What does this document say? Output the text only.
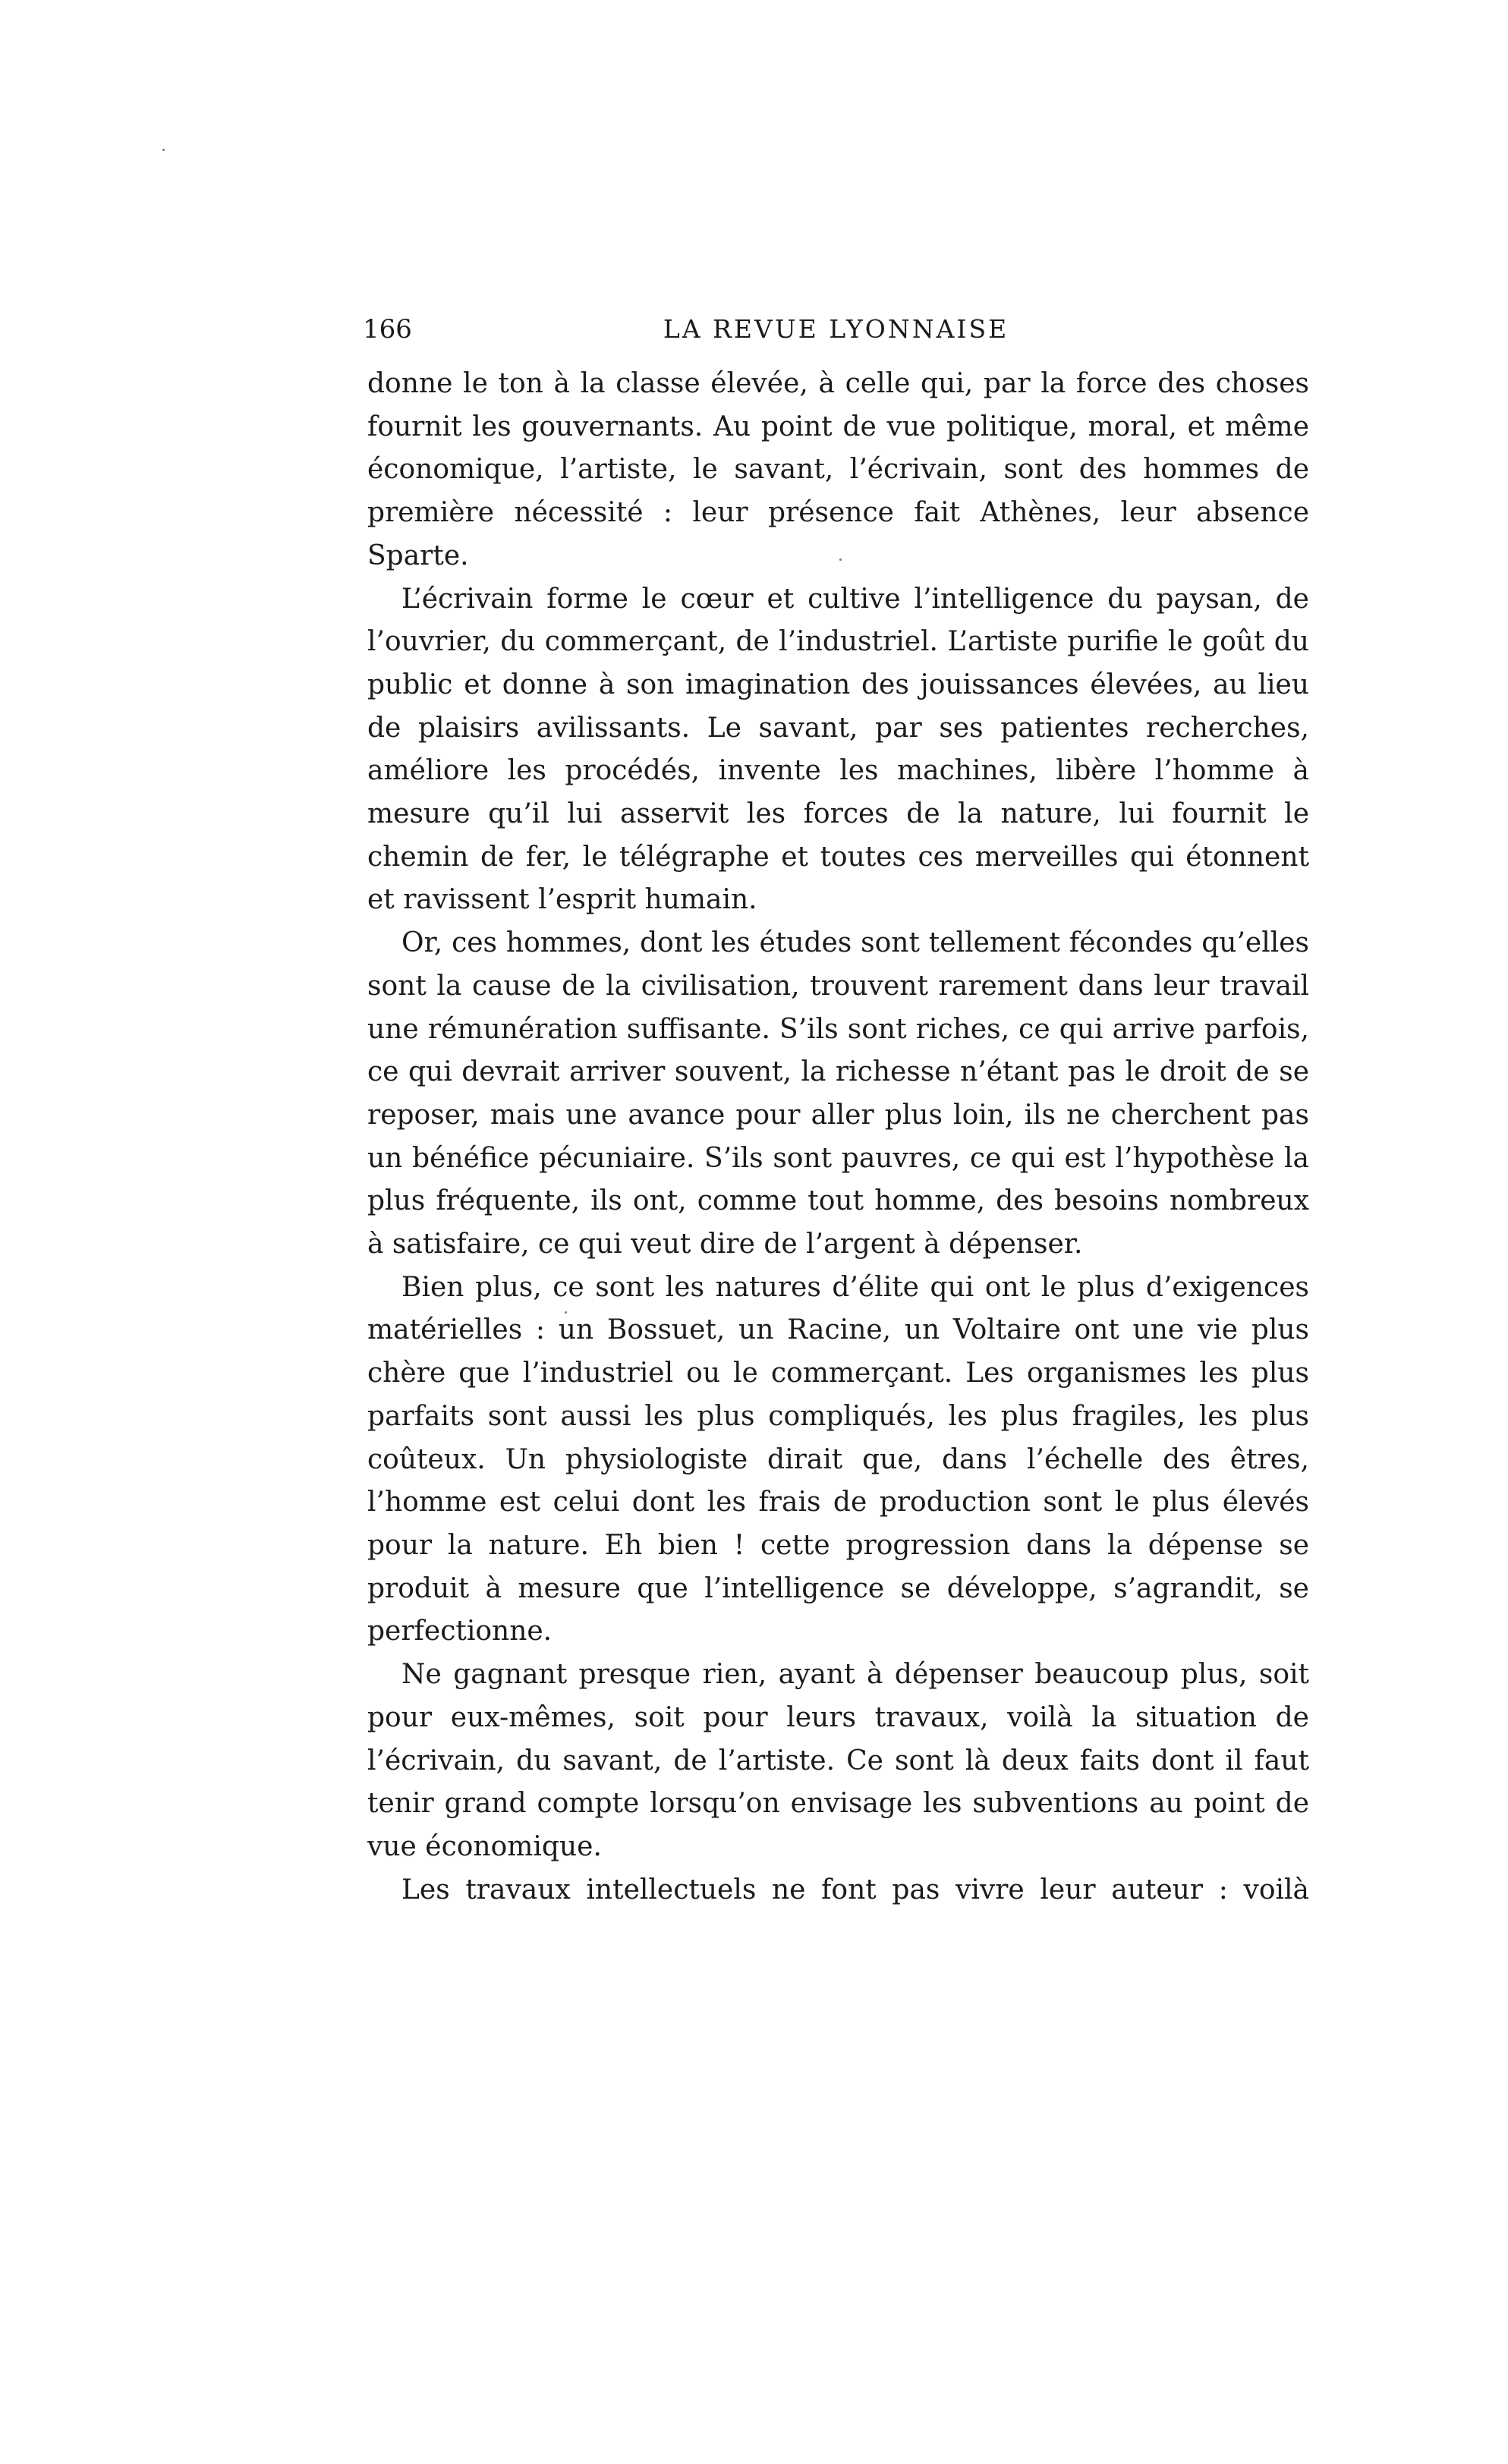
166	LA REVUE LYONNAISE

donne le ton à la classe élevée, à celle qui, par la force des choses fournit les gouvernants. Au point de vue politique, moral, et même économique, l’artiste, le savant, l’écrivain, sont des hommes de première nécessité : leur présence fait Athènes, leur absence Sparte.

L’écrivain forme le cœur et cultive l’intelligence du paysan, de l’ouvrier, du commerçant, de l’industriel. L’artiste purifie le goût du public et donne à son imagination des jouissances élevées, au lieu de plaisirs avilissants. Le savant, par ses patientes recherches, améliore les procédés, invente les machines, libère l’homme à mesure qu’il lui asservit les forces de la nature, lui fournit le chemin de fer, le télégraphe et toutes ces merveilles qui étonnent et ravissent l’esprit humain.

Or, ces hommes, dont les études sont tellement fécondes qu’elles sont la cause de la civilisation, trouvent rarement dans leur travail une rémunération suffisante. S’ils sont riches, ce qui arrive parfois, ce qui devrait arriver souvent, la richesse n’étant pas le droit de se reposer, mais une avance pour aller plus loin, ils ne cherchent pas un bénéfice pécuniaire. S’ils sont pauvres, ce qui est l’hypothèse la plus fréquente, ils ont, comme tout homme, des besoins nombreux à satisfaire, ce qui veut dire de l’argent à dépenser.

Bien plus, ce sont les natures d’élite qui ont le plus d’exigences matérielles : un Bossuet, un Racine, un Voltaire ont une vie plus chère que l’industriel ou le commerçant. Les organismes les plus parfaits sont aussi les plus compliqués, les plus fragiles, les plus coûteux. Un physiologiste dirait que, dans l’échelle des êtres, l’homme est celui dont les frais de production sont le plus élevés pour la nature. Eh bien ! cette progression dans la dépense se produit à mesure que l’intelligence se développe, s’agrandit, se perfectionne.

Ne gagnant presque rien, ayant à dépenser beaucoup plus, soit pour eux-mêmes, soit pour leurs travaux, voilà la situation de l’écrivain, du savant, de l’artiste. Ce sont là deux faits dont il faut tenir grand compte lorsqu’on envisage les subventions au point de vue économique.

Les travaux intellectuels ne font pas vivre leur auteur : voilà
